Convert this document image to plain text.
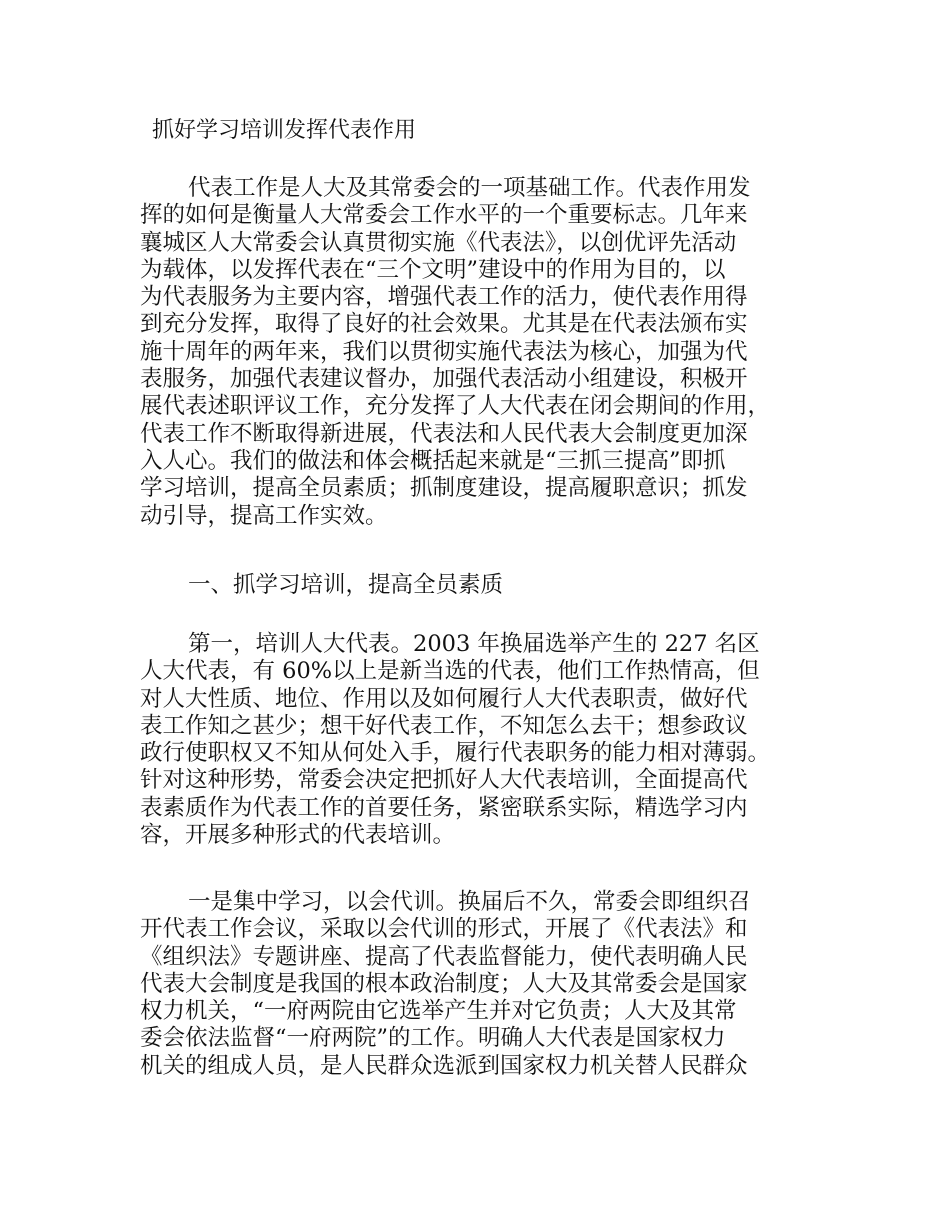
抓好学习培训发挥代表作用
代表工作是人大及其常委会的一项基础工作。代表作用发
挥的如何是衡量人大常委会工作水平的一个重要标志。几年来
襄城区人大常委会认真贯彻实施《代表法》，以创优评先活动
为载体，以发挥代表在“三个文明”建设中的作用为目的，以
为代表服务为主要内容，增强代表工作的活力，使代表作用得
到充分发挥，取得了良好的社会效果。尤其是在代表法颁布实
施十周年的两年来，我们以贯彻实施代表法为核心，加强为代
表服务，加强代表建议督办，加强代表活动小组建设，积极开
展代表述职评议工作，充分发挥了人大代表在闭会期间的作用，
代表工作不断取得新进展，代表法和人民代表大会制度更加深
入人心。我们的做法和体会概括起来就是“三抓三提高”即抓
学习培训，提高全员素质；抓制度建设，提高履职意识；抓发
动引导，提高工作实效。
一、抓学习培训，提高全员素质
第一，培训人大代表。2003 年换届选举产生的 227 名区
人大代表，有 60%以上是新当选的代表，他们工作热情高，但
对人大性质、地位、作用以及如何履行人大代表职责，做好代
表工作知之甚少；想干好代表工作，不知怎么去干；想参政议
政行使职权又不知从何处入手，履行代表职务的能力相对薄弱。
针对这种形势，常委会决定把抓好人大代表培训，全面提高代
表素质作为代表工作的首要任务，紧密联系实际，精选学习内
容，开展多种形式的代表培训。
一是集中学习，以会代训。换届后不久，常委会即组织召
开代表工作会议，采取以会代训的形式，开展了《代表法》和
《组织法》专题讲座、提高了代表监督能力，使代表明确人民
代表大会制度是我国的根本政治制度；人大及其常委会是国家
权力机关，“一府两院由它选举产生并对它负责；人大及其常
委会依法监督“一府两院”的工作。明确人大代表是国家权力
机关的组成人员，是人民群众选派到国家权力机关替人民群众
